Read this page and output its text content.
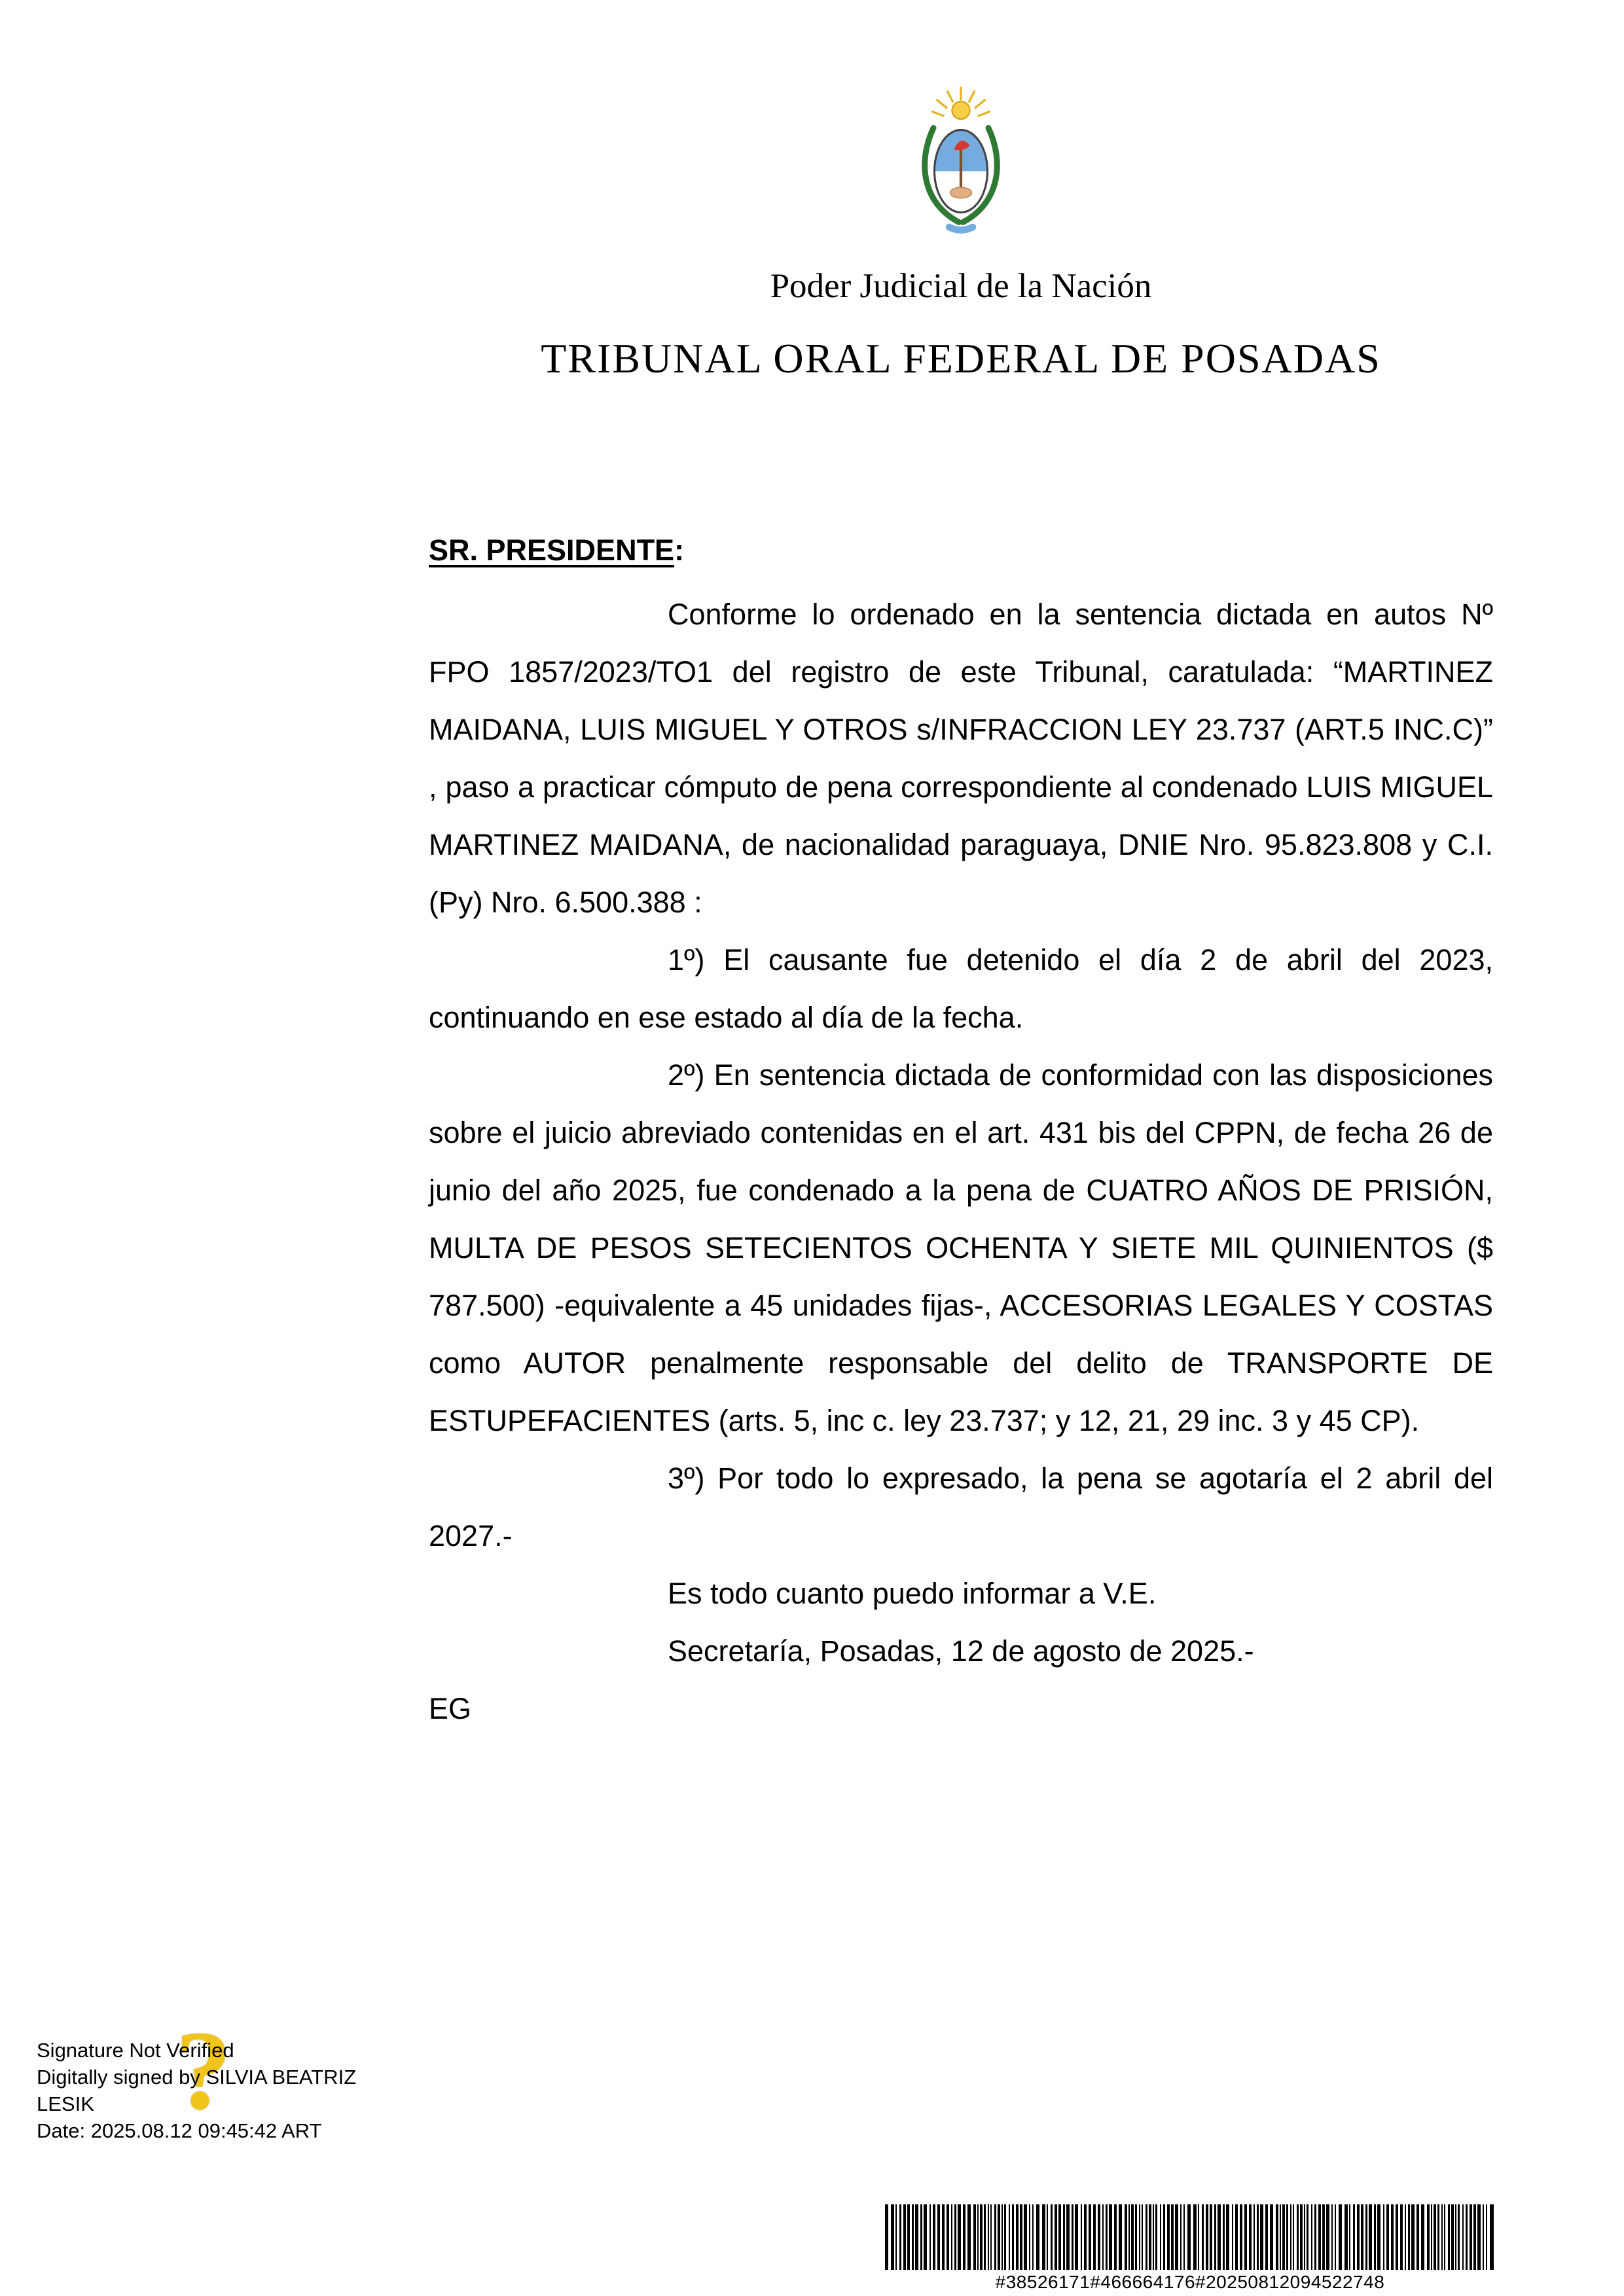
Poder Judicial de la Nación
TRIBUNAL ORAL FEDERAL DE POSADAS

SR. PRESIDENTE:

Conforme lo ordenado en la sentencia dictada en autos Nº FPO 1857/2023/TO1 del registro de este Tribunal, caratulada: “MARTINEZ MAIDANA, LUIS MIGUEL Y OTROS s/INFRACCION LEY 23.737 (ART.5 INC.C)” , paso a practicar cómputo de pena correspondiente al condenado LUIS MIGUEL MARTINEZ MAIDANA, de nacionalidad paraguaya, DNIE Nro. 95.823.808 y C.I. (Py) Nro. 6.500.388 :

1º) El causante fue detenido el día 2 de abril del 2023, continuando en ese estado al día de la fecha.

2º) En sentencia dictada de conformidad con las disposiciones sobre el juicio abreviado contenidas en el art. 431 bis del CPPN, de fecha 26 de junio del año 2025, fue condenado a la pena de CUATRO AÑOS DE PRISIÓN, MULTA DE PESOS SETECIENTOS OCHENTA Y SIETE MIL QUINIENTOS ($ 787.500) -equivalente a 45 unidades fijas-, ACCESORIAS LEGALES Y COSTAS como AUTOR penalmente responsable del delito de TRANSPORTE DE ESTUPEFACIENTES (arts. 5, inc c. ley 23.737; y 12, 21, 29 inc. 3 y 45 CP).

3º) Por todo lo expresado, la pena se agotaría el 2 abril del 2027.-

Es todo cuanto puedo informar a V.E.

Secretaría, Posadas, 12 de agosto de 2025.-

EG

?
Signature Not Verified
Digitally signed by SILVIA BEATRIZ
LESIK
Date: 2025.08.12 09:45:42 ART
#38526171#466664176#20250812094522748
